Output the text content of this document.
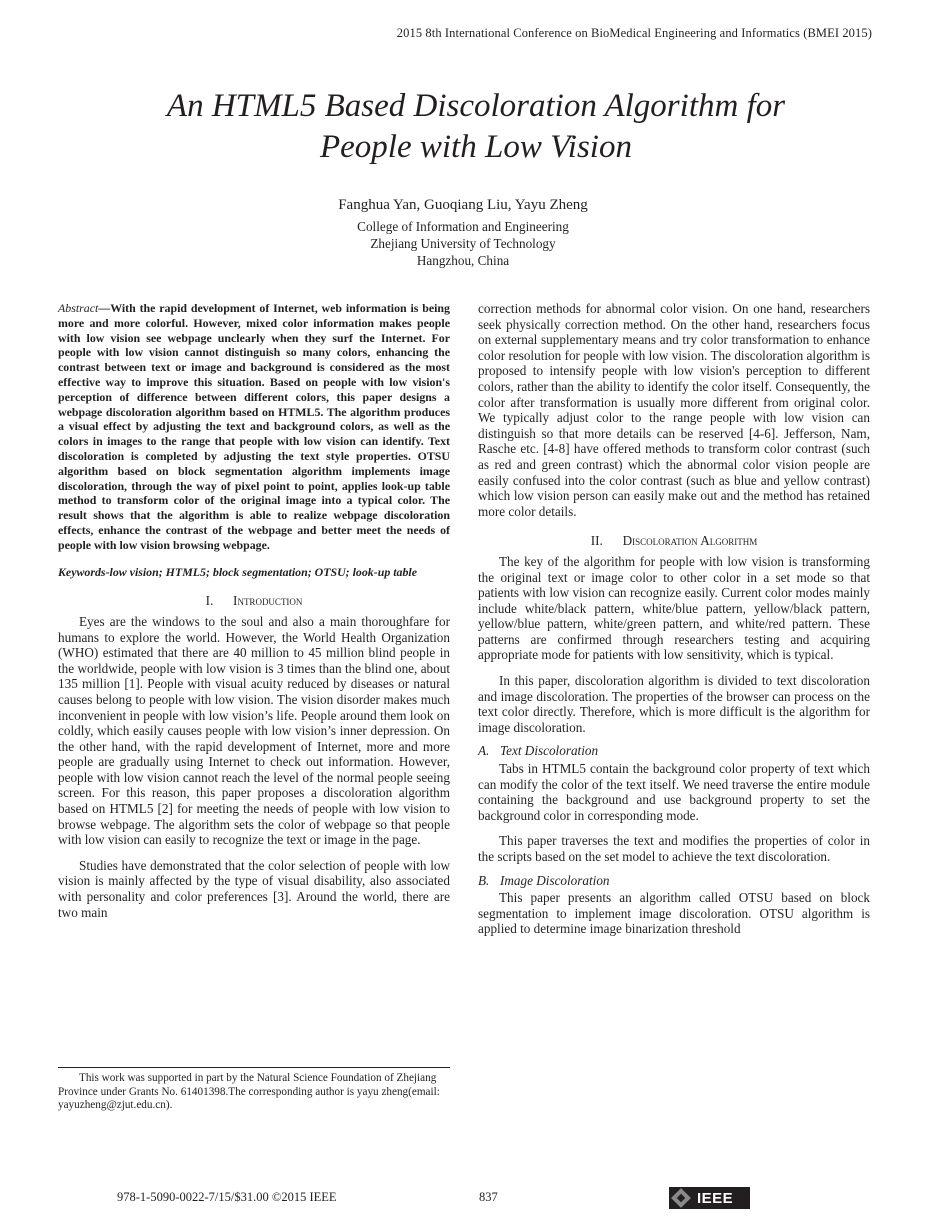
2015 8th International Conference on BioMedical Engineering and Informatics (BMEI 2015)
An HTML5 Based Discoloration Algorithm for
People with Low Vision
Fanghua Yan, Guoqiang Liu, Yayu Zheng
College of Information and Engineering
Zhejiang University of Technology
Hangzhou, China

Abstract—With the rapid development of Internet, web information is being more and more colorful. However, mixed color information makes people with low vision see webpage unclearly when they surf the Internet. For people with low vision cannot distinguish so many colors, enhancing the contrast between text or image and background is considered as the most effective way to improve this situation. Based on people with low vision's perception of difference between different colors, this paper designs a webpage discoloration algorithm based on HTML5. The algorithm produces a visual effect by adjusting the text and background colors, as well as the colors in images to the range that people with low vision can identify. Text discoloration is completed by adjusting the text style properties. OTSU algorithm based on block segmentation algorithm implements image discoloration, through the way of pixel point to point, applies look-up table method to transform color of the original image into a typical color. The result shows that the algorithm is able to realize webpage discoloration effects, enhance the contrast of the webpage and better meet the needs of people with low vision browsing webpage.

Keywords-low vision; HTML5; block segmentation; OTSU; look-up table

I. Introduction

Eyes are the windows to the soul and also a main thoroughfare for humans to explore the world. However, the World Health Organization (WHO) estimated that there are 40 million to 45 million blind people in the worldwide, people with low vision is 3 times than the blind one, about 135 million [1]. People with visual acuity reduced by diseases or natural causes belong to people with low vision. The vision disorder makes much inconvenient in people with low vision’s life. People around them look on coldly, which easily causes people with low vision’s inner depression. On the other hand, with the rapid development of Internet, more and more people are gradually using Internet to check out information. However, people with low vision cannot reach the level of the normal people seeing screen. For this reason, this paper proposes a discoloration algorithm based on HTML5 [2] for meeting the needs of people with low vision to browse webpage. The algorithm sets the color of webpage so that people with low vision can easily to recognize the text or image in the page.

Studies have demonstrated that the color selection of people with low vision is mainly affected by the type of visual disability, also associated with personality and color preferences [3]. Around the world, there are two main

correction methods for abnormal color vision. On one hand, researchers seek physically correction method. On the other hand, researchers focus on external supplementary means and try color transformation to enhance color resolution for people with low vision. The discoloration algorithm is proposed to intensify people with low vision's perception to different colors, rather than the ability to identify the color itself. Consequently, the color after transformation is usually more different from original color. We typically adjust color to the range people with low vision can distinguish so that more details can be reserved [4-6]. Jefferson, Nam, Rasche etc. [4-8] have offered methods to transform color contrast (such as red and green contrast) which the abnormal color vision people are easily confused into the color contrast (such as blue and yellow contrast) which low vision person can easily make out and the method has retained more color details.

II. Discoloration Algorithm

The key of the algorithm for people with low vision is transforming the original text or image color to other color in a set mode so that patients with low vision can recognize easily. Current color modes mainly include white/black pattern, white/blue pattern, yellow/black pattern, yellow/blue pattern, white/green pattern, and white/red pattern. These patterns are confirmed through researchers testing and acquiring appropriate mode for patients with low sensitivity, which is typical.

In this paper, discoloration algorithm is divided to text discoloration and image discoloration. The properties of the browser can process on the text color directly. Therefore, which is more difficult is the algorithm for image discoloration.

A. Text Discoloration

Tabs in HTML5 contain the background color property of text which can modify the color of the text itself. We need traverse the entire module containing the background and use background property to set the background color in corresponding mode.

This paper traverses the text and modifies the properties of color in the scripts based on the set model to achieve the text discoloration.

B. Image Discoloration

This paper presents an algorithm called OTSU based on block segmentation to implement image discoloration. OTSU algorithm is applied to determine image binarization threshold

This work was supported in part by the Natural Science Foundation of Zhejiang Province under Grants No. 61401398.The corresponding author is yayu zheng(email: yayuzheng@zjut.edu.cn).
978-1-5090-0022-7/15/$31.00 ©2015 IEEE	837	IEEE
